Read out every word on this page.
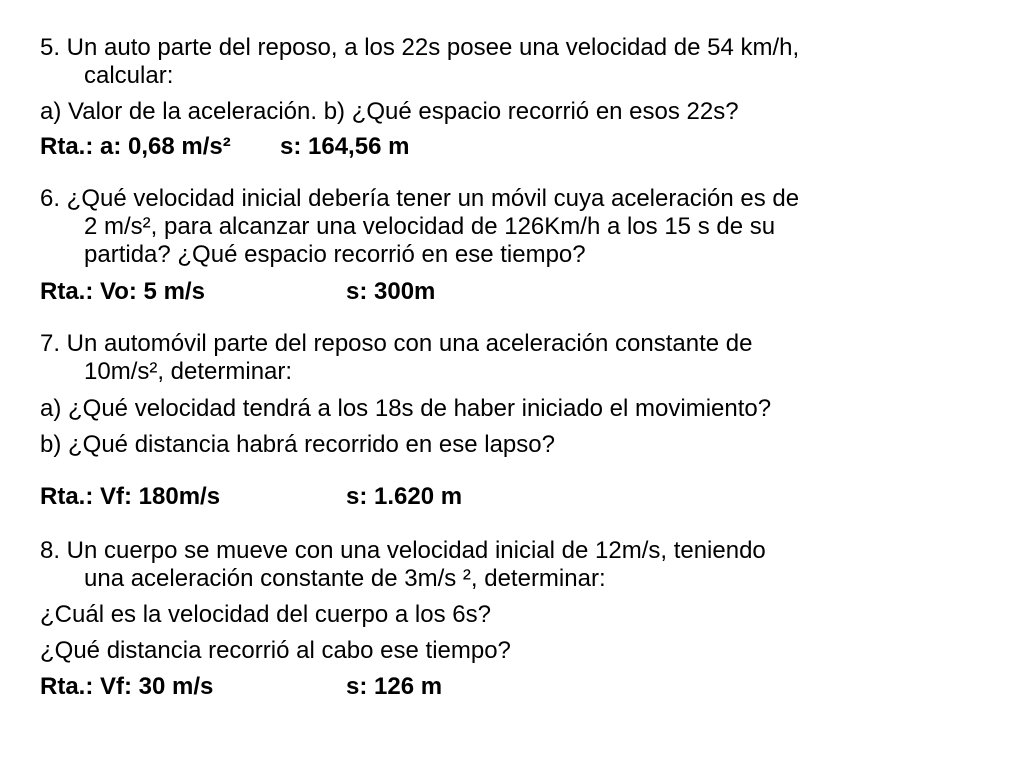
5. Un auto parte del reposo, a los 22s posee una velocidad de 54 km/h,
calcular:
a) Valor de la aceleración. b) ¿Qué espacio recorrió en esos 22s?
Rta.: a: 0,68 m/s² s: 164,56 m
6. ¿Qué velocidad inicial debería tener un móvil cuya aceleración es de
2 m/s², para alcanzar una velocidad de 126Km/h a los 15 s de su
partida? ¿Qué espacio recorrió en ese tiempo?
Rta.: Vo: 5 m/s	s: 300m
7. Un automóvil parte del reposo con una aceleración constante de
10m/s², determinar:
a) ¿Qué velocidad tendrá a los 18s de haber iniciado el movimiento?
b) ¿Qué distancia habrá recorrido en ese lapso?
Rta.: Vf: 180m/s	s: 1.620 m
8. Un cuerpo se mueve con una velocidad inicial de 12m/s, teniendo
una aceleración constante de 3m/s ², determinar:
¿Cuál es la velocidad del cuerpo a los 6s?
¿Qué distancia recorrió al cabo ese tiempo?
Rta.: Vf: 30 m/s	s: 126 m
